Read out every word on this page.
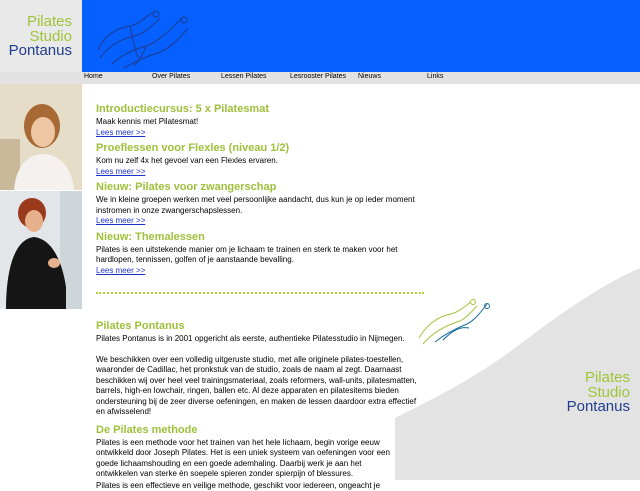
Pilates
Studio
Pontanus
Home	Over Pilates	Lessen Pilates	Lesrooster Pilates Nieuws	Links

Introductiecursus: 5 x Pilatesmat

Maak kennis met Pilatesmat!

Lees meer >>

Proeflessen voor Flexles (niveau 1/2)

Kom nu zelf 4x het gevoel van een Flexles ervaren.

Lees meer >>

Nieuw: Pilates voor zwangerschap

We in kleine groepen werken met veel persoonlijke aandacht, dus kun je op ieder moment instromen in onze zwangerschapslessen.

Lees meer >>

Nieuw: Themalessen

Pilates is een uitstekende manier om je lichaam te trainen en sterk te maken voor het hardlopen, tennissen, golfen of je aanstaande bevalling.

Lees meer >>
Pilates
Studio
Pontanus

Pilates Pontanus

Pilates Pontanus is in 2001 opgericht als eerste, authentieke Pilatesstudio in Nijmegen.

We beschikken over een volledig uitgeruste studio, met alle originele pilates-toestellen, waaronder de Cadillac, het pronkstuk van de studio, zoals de naam al zegt. Daarnaast beschikken wij over heel veel trainingsmateriaal, zoals reformers, wall-units, pilatesmatten, barrels, high-en lowchair, ringen, ballen etc. Al deze apparaten en pilatesitems bieden ondersteuning bij de zeer diverse oefeningen, en maken de lessen daardoor extra effectief en afwisselend!

De Pilates methode

Pilates is een methode voor het trainen van het hele lichaam, begin vorige eeuw ontwikkeld door Joseph Pilates. Het is een uniek systeem van oefeningen voor een goede lichaamshouding en een goede ademhaling. Daarbij werk je aan het ontwikkelen van sterke èn soepele spieren zonder spierpijn of blessures.

Pilates is een effectieve en veilige methode, geschikt voor iedereen, ongeacht je
